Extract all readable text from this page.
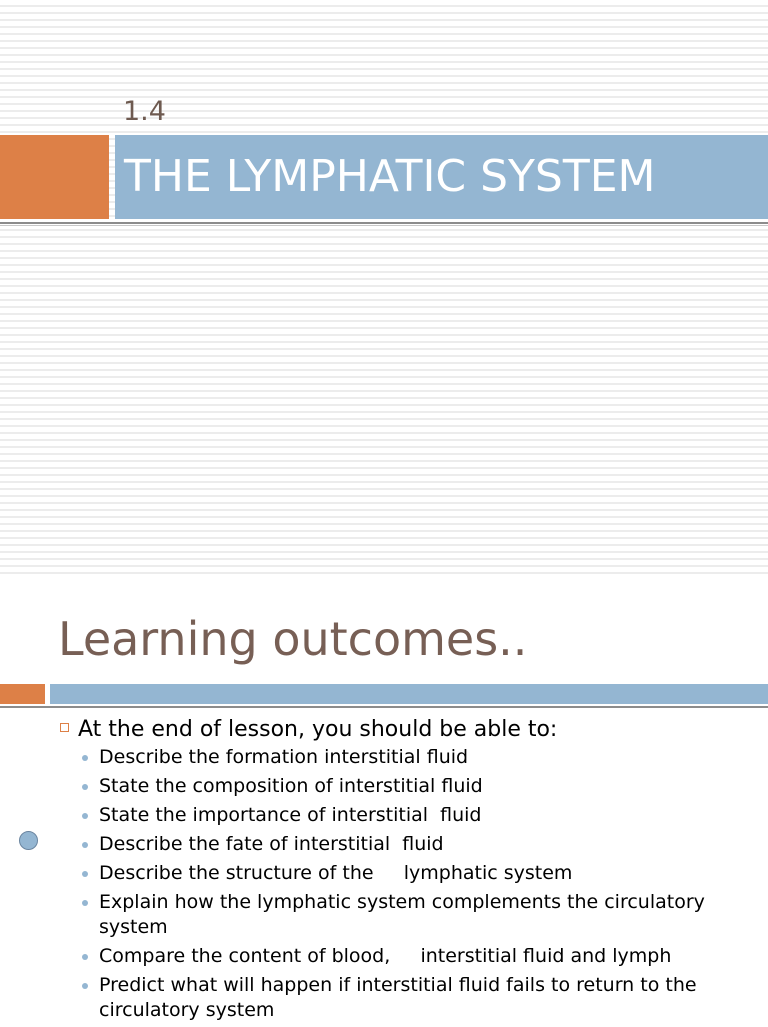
1.4
THE LYMPHATIC SYSTEM
Learning outcomes..
At the end of lesson, you should be able to:
Describe the formation interstitial fluid
State the composition of interstitial fluid
State the importance of interstitial  fluid
Describe the fate of interstitial  fluid
Describe the structure of the     lymphatic system
Explain how the lymphatic system complements the circulatory system
Compare the content of blood,     interstitial fluid and lymph
Predict what will happen if interstitial fluid fails to return to the circulatory system
